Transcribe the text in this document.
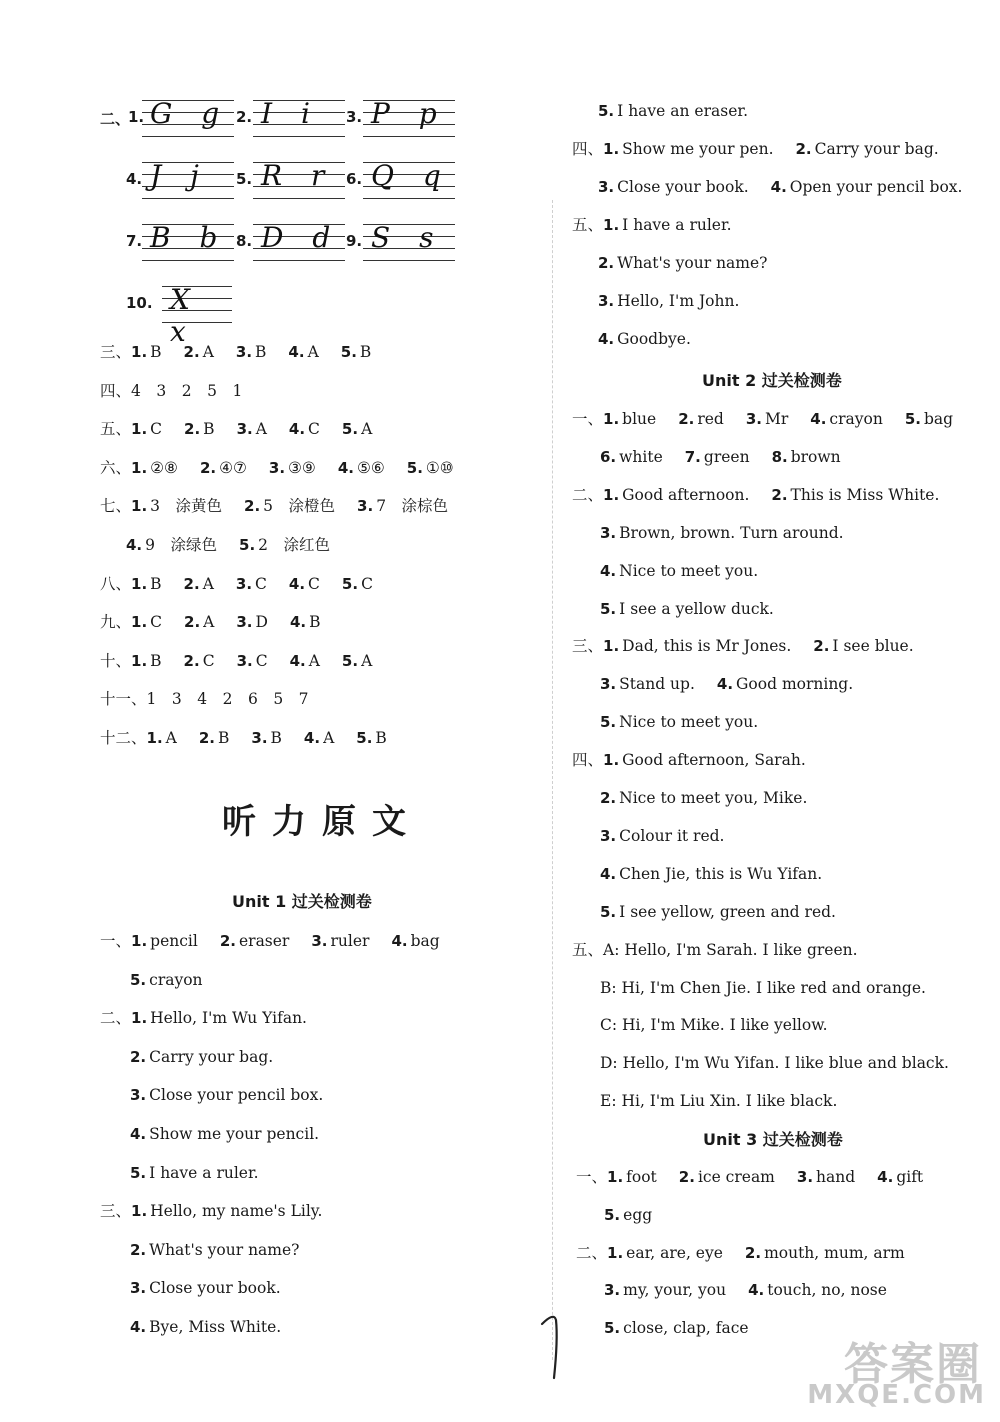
二、
1. G g 2. I i 3. P p
4. J j 5. R r 6. Q q
7. B b 8. D d 9. S s
10. X x
三、1. B 2. A 3. B 4. A 5. B
四、4　3　2　5　1
五、1. C 2. B 3. A 4. C 5. A
六、1. ②⑧ 2. ④⑦ 3. ③⑨ 4. ⑤⑥ 5. ①⑩
七、1. 3　涂黄色 2. 5　涂橙色 3. 7　涂棕色
4. 9　涂绿色 5. 2　涂红色
八、1. B 2. A 3. C 4. C 5. C
九、1. C 2. A 3. D 4. B
十、1. B 2. C 3. C 4. A 5. A
十一、1　3　4　2　6　5　7
十二、1. A 2. B 3. B 4. A 5. B
听力原文
Unit 1 过关检测卷
一、1. pencil 2. eraser 3. ruler 4. bag
5. crayon
二、1. Hello, I'm Wu Yifan.
2. Carry your bag.
3. Close your pencil box.
4. Show me your pencil.
5. I have a ruler.
三、1. Hello, my name's Lily.
2. What's your name?
3. Close your book.
4. Bye, Miss White.
5. I have an eraser.
四、1. Show me your pen. 2. Carry your bag.
3. Close your book. 4. Open your pencil box.
五、1. I have a ruler.
2. What's your name?
3. Hello, I'm John.
4. Goodbye.
Unit 2 过关检测卷
一、1. blue 2. red 3. Mr 4. crayon 5. bag
6. white 7. green 8. brown
二、1. Good afternoon. 2. This is Miss White.
3. Brown, brown. Turn around.
4. Nice to meet you.
5. I see a yellow duck.
三、1. Dad, this is Mr Jones. 2. I see blue.
3. Stand up. 4. Good morning.
5. Nice to meet you.
四、1. Good afternoon, Sarah.
2. Nice to meet you, Mike.
3. Colour it red.
4. Chen Jie, this is Wu Yifan.
5. I see yellow, green and red.
五、A: Hello, I'm Sarah. I like green.
B: Hi, I'm Chen Jie. I like red and orange.
C: Hi, I'm Mike. I like yellow.
D: Hello, I'm Wu Yifan. I like blue and black.
E: Hi, I'm Liu Xin. I like black.
Unit 3 过关检测卷
一、1. foot 2. ice cream 3. hand 4. gift
5. egg
二、1. ear, are, eye 2. mouth, mum, arm
3. my, your, you 4. touch, no, nose
5. close, clap, face
答案圈
MXQE.COM
